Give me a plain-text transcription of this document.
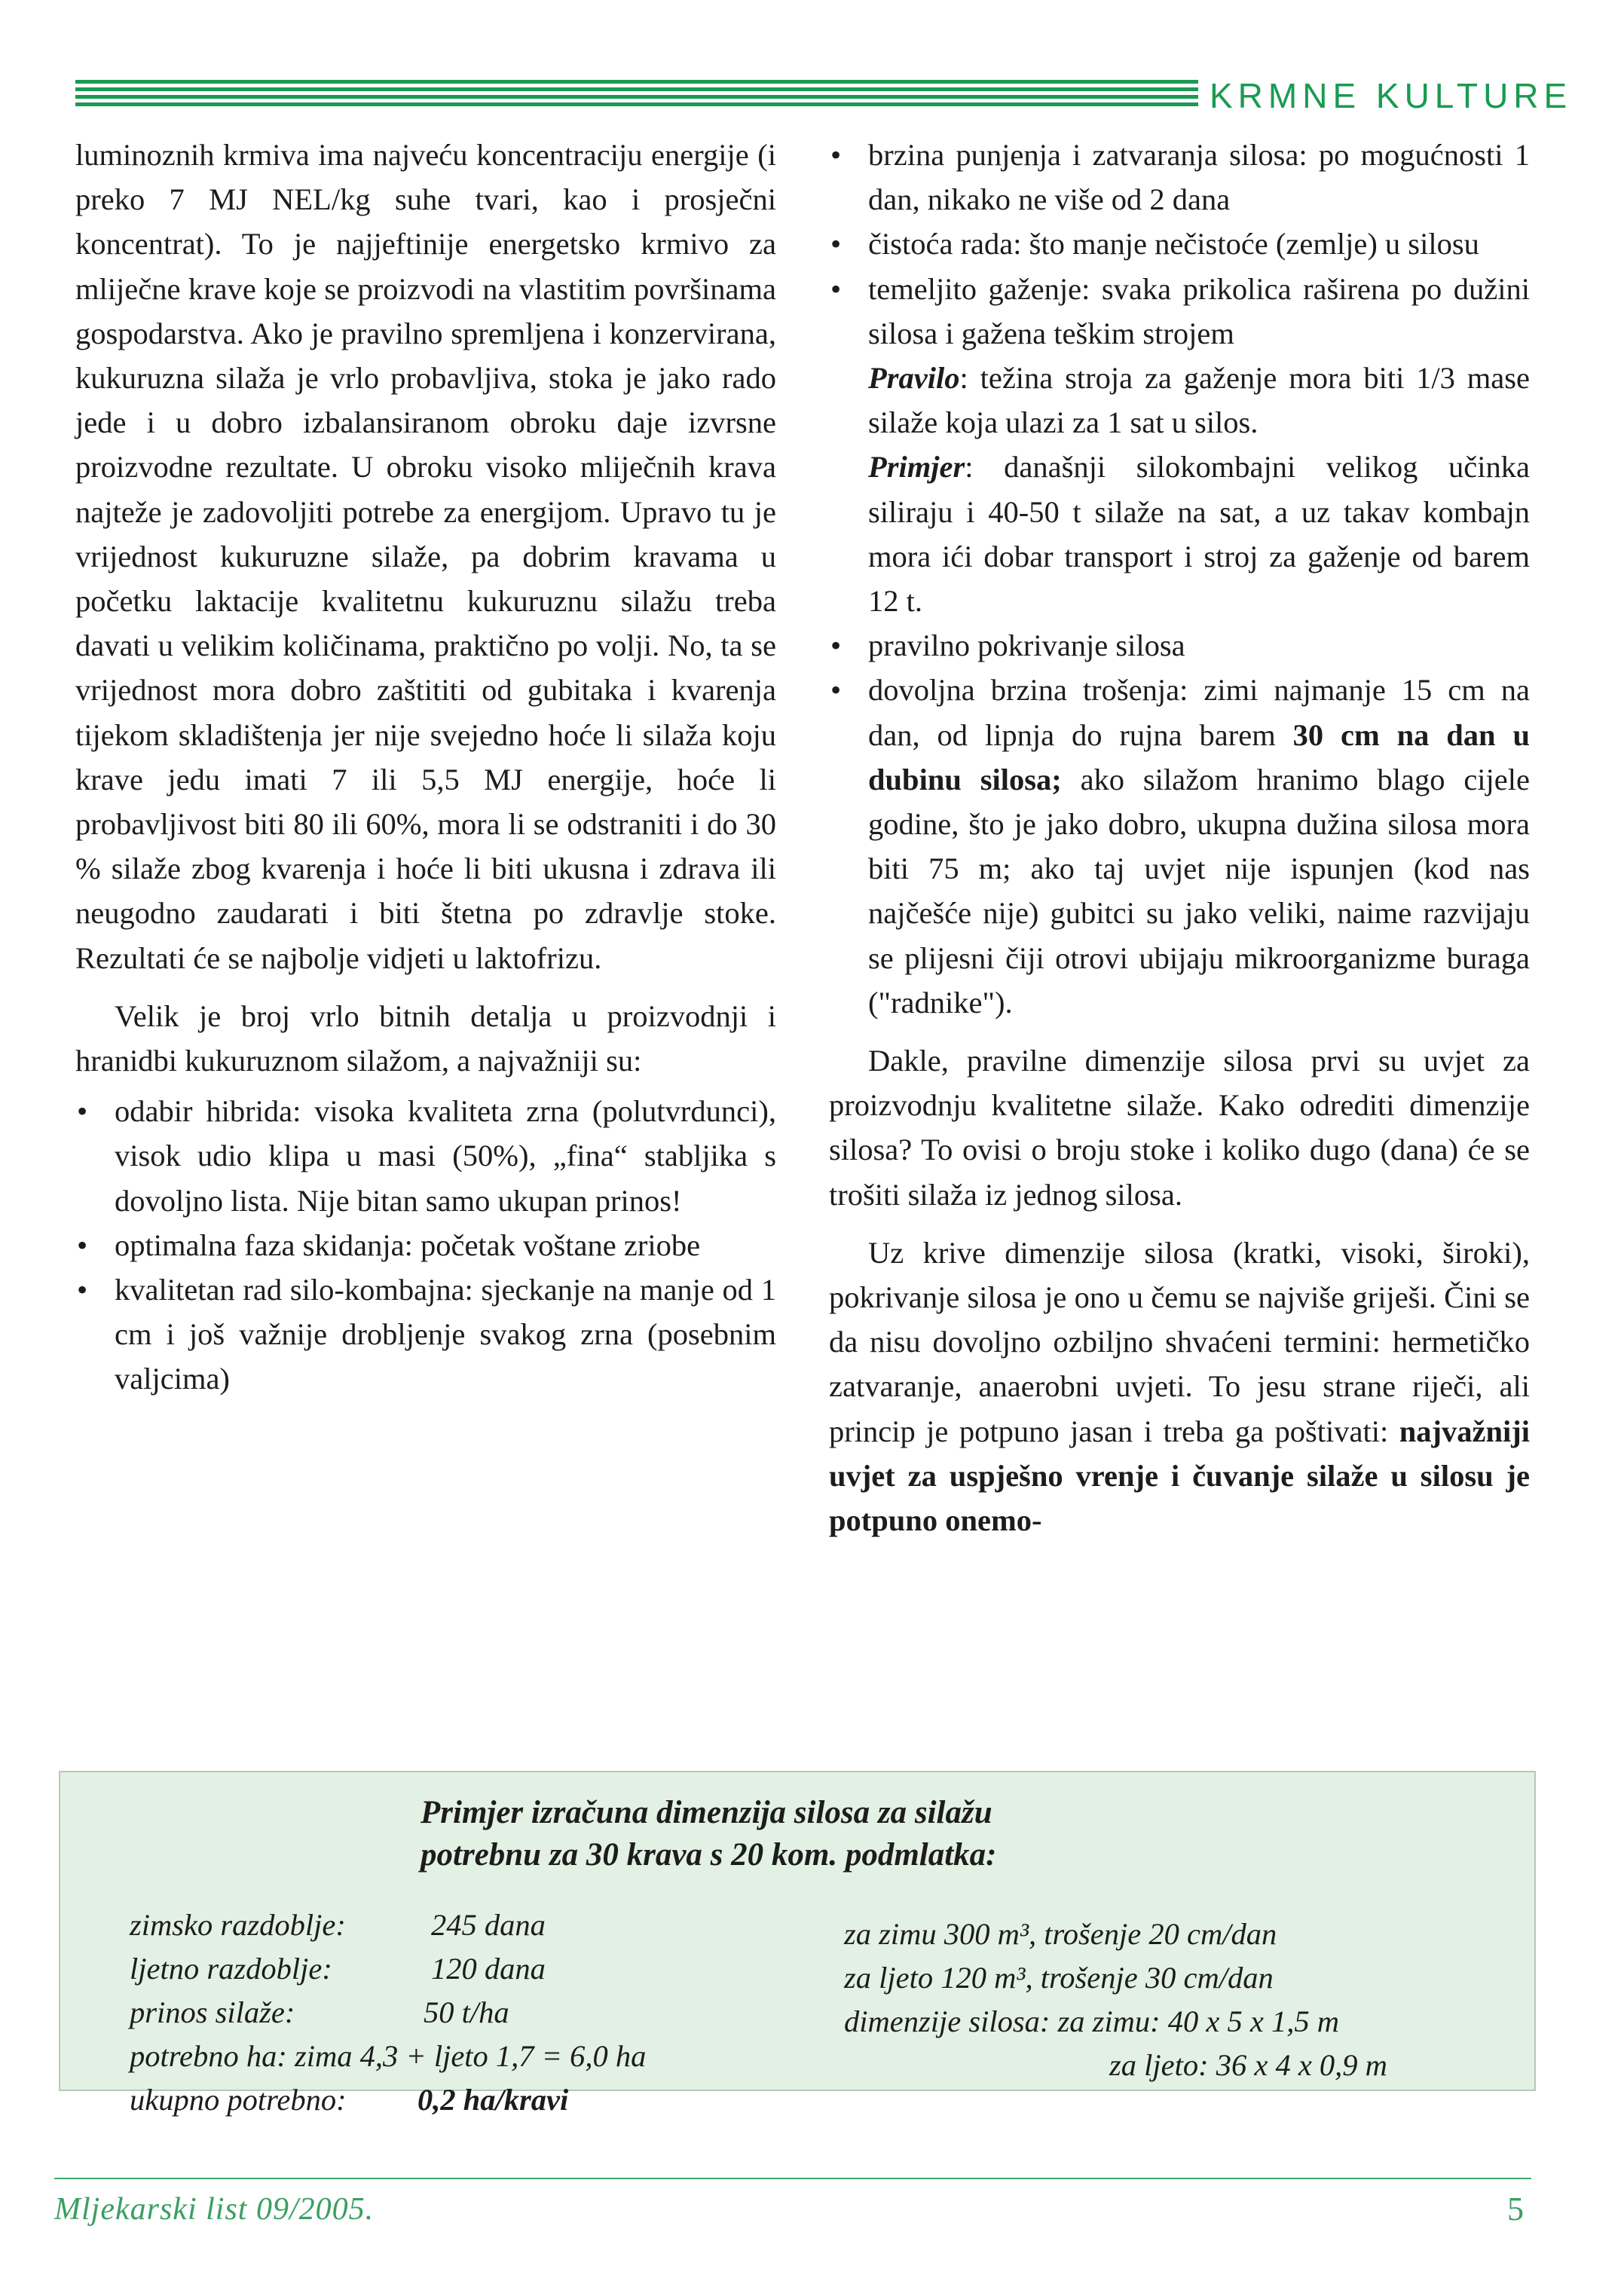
KRMNE KULTURE

luminoznih krmiva ima najveću koncentraciju energije (i preko 7 MJ NEL/kg suhe tvari, kao i prosječni koncentrat). To je najjeftinije energetsko krmivo za mliječne krave koje se proizvodi na vlastitim površinama gospodarstva. Ako je pravilno spremljena i konzervirana, kukuruzna silaža je vrlo probavljiva, stoka je jako rado jede i u dobro izbalansiranom obroku daje izvrsne proizvodne rezultate. U obroku visoko mliječnih krava najteže je zadovoljiti potrebe za energijom. Upravo tu je vrijednost kukuruzne silaže, pa dobrim kravama u početku laktacije kvalitetnu kukuruznu silažu treba davati u velikim količinama, praktično po volji. No, ta se vrijednost mora dobro zaštititi od gubitaka i kvarenja tijekom skladištenja jer nije svejedno hoće li silaža koju krave jedu imati 7 ili 5,5 MJ energije, hoće li probavljivost biti 80 ili 60%, mora li se odstraniti i do 30 % silaže zbog kvarenja i hoće li biti ukusna i zdrava ili neugodno zaudarati i biti štetna po zdravlje stoke. Rezultati će se najbolje vidjeti u laktofrizu.

Velik je broj vrlo bitnih detalja u proizvodnji i hranidbi kukuruznom silažom, a najvažniji su:

• odabir hibrida: visoka kvaliteta zrna (polutvrdunci), visok udio klipa u masi (50%), „fina“ stabljika s dovoljno lista. Nije bitan samo ukupan prinos!
• optimalna faza skidanja: početak voštane zriobe
• kvalitetan rad silo-kombajna: sjeckanje na manje od 1 cm i još važnije drobljenje svakog zrna (posebnim valjcima)
• brzina punjenja i zatvaranja silosa: po mogućnosti 1 dan, nikako ne više od 2 dana
• čistoća rada: što manje nečistoće (zemlje) u silosu
• temeljito gaženje: svaka prikolica raširena po dužini silosa i gažena teškim strojem
Pravilo: težina stroja za gaženje mora biti 1/3 mase silaže koja ulazi za 1 sat u silos.
Primjer: današnji silokombajni velikog učinka siliraju i 40-50 t silaže na sat, a uz takav kombajn mora ići dobar transport i stroj za gaženje od barem 12 t.
• pravilno pokrivanje silosa
• dovoljna brzina trošenja: zimi najmanje 15 cm na dan, od lipnja do rujna barem 30 cm na dan u dubinu silosa; ako silažom hranimo blago cijele godine, što je jako dobro, ukupna dužina silosa mora biti 75 m; ako taj uvjet nije ispunjen (kod nas najčešće nije) gubitci su jako veliki, naime razvijaju se plijesni čiji otrovi ubijaju mikroorganizme buraga ("radnike").

Dakle, pravilne dimenzije silosa prvi su uvjet za proizvodnju kvalitetne silaže. Kako odrediti dimenzije silosa? To ovisi o broju stoke i koliko dugo (dana) će se trošiti silaža iz jednog silosa.

Uz krive dimenzije silosa (kratki, visoki, široki), pokrivanje silosa je ono u čemu se najviše griješi. Čini se da nisu dovoljno ozbiljno shvaćeni termini: hermetičko zatvaranje, anaerobni uvjeti. To jesu strane riječi, ali princip je potpuno jasan i treba ga poštivati: najvažniji uvjet za uspješno vrenje i čuvanje silaže u silosu je potpuno onemo-

Primjer izračuna dimenzija silosa za silažu
potrebnu za 30 krava s 20 kom. podmlatka:
zimsko razdoblje:	245 dana
ljetno razdoblje:	120 dana
prinos silaže:	50 t/ha
potrebno ha: zima 4,3 + ljeto 1,7 = 6,0 ha
ukupno potrebno: 0,2 ha/kravi
za zimu 300 m³, trošenje 20 cm/dan
za ljeto 120 m³, trošenje 30 cm/dan
dimenzije silosa: za zimu: 40 x 5 x 1,5 m
za ljeto: 36 x 4 x 0,9 m
Mljekarski list 09/2005.	5
